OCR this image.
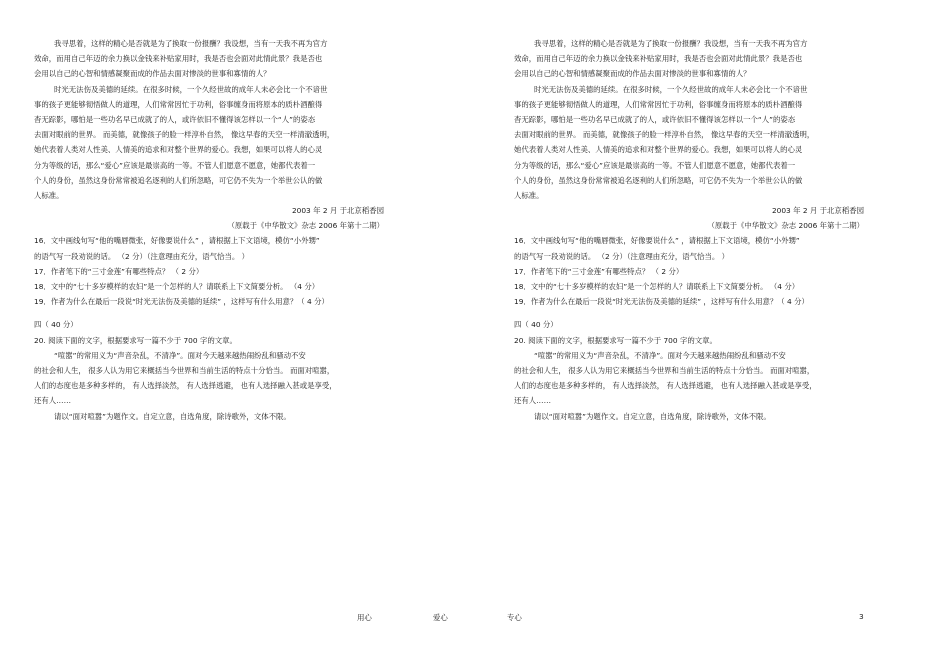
我寻思着，这样的精心是否就是为了换取一份报酬？我设想，当有一天我不再为官方
效命，而用自己年迈的余力换以金钱来补贴家用时，我是否也会面对此情此景？我是否也
会用以自己的心智和情感凝聚而成的作品去面对惨淡的世事和寡情的人？
时光无法伤及美德的延续。在很多时候，一个久经世故的成年人未必会比一个不谙世
事的孩子更能够彻悟做人的道理，人们常常因忙于功利，俗事缠身而将原本的质朴酒酿得
杳无踪影，哪怕是一些功名早已成就了的人，或许依旧不懂得该怎样以一个“人”的姿态
去面对眼前的世界。 而美德，就像孩子的脸一样淳朴自然， 像这早春的天空一样清澈透明，
她代表着人类对人性美、人情美的追求和对整个世界的爱心。我想，如果可以将人的心灵
分为等级的话，那么“爱心”应该是最崇高的一等。不管人们愿意不愿意，她都代表着一
个人的身份，虽然这身份常常被追名逐利的人们所忽略，可它仍不失为一个举世公认的做
人标准。
2003 年 2 月 于北京稻香园
（原载于《中华散文》杂志 2006 年第十二期）
16．文中画线句写“他的嘴唇微张，好像要说什么” ，请根据上下文语境，模仿“小外甥”
的语气写一段劝说的话。 （2 分）（注意理由充分，语气恰当。 ）
17．作者笔下的“三寸金莲”有哪些特点？ （ 2 分）
18．文中的“七十多岁模样的农妇”是一个怎样的人？请联系上下文简要分析。 （4 分）
19．作者为什么在最后一段说“时光无法伤及美德的延续” ，这样写有什么用意？（ 4 分）
四（ 40 分）
20. 阅读下面的文字，根据要求写一篇不少于 700 字的文章。
“喧嚣”的常用义为“声音杂乱，不清净”。面对今天越来越热闹纷乱和骚动不安
的社会和人生， 很多人认为用它来概括当今世界和当前生活的特点十分恰当。 而面对喧嚣，
人们的态度也是多种多样的， 有人选择淡然， 有人选择逃避， 也有人选择融入甚或是享受，
还有人……
请以“面对喧嚣”为题作文。自定立意，自选角度，除诗歌外，文体不限。
我寻思着，这样的精心是否就是为了换取一份报酬？我设想，当有一天我不再为官方
效命，而用自己年迈的余力换以金钱来补贴家用时，我是否也会面对此情此景？我是否也
会用以自己的心智和情感凝聚而成的作品去面对惨淡的世事和寡情的人？
时光无法伤及美德的延续。在很多时候，一个久经世故的成年人未必会比一个不谙世
事的孩子更能够彻悟做人的道理，人们常常因忙于功利，俗事缠身而将原本的质朴酒酿得
杳无踪影，哪怕是一些功名早已成就了的人，或许依旧不懂得该怎样以一个“人”的姿态
去面对眼前的世界。 而美德，就像孩子的脸一样淳朴自然， 像这早春的天空一样清澈透明，
她代表着人类对人性美、人情美的追求和对整个世界的爱心。我想，如果可以将人的心灵
分为等级的话，那么“爱心”应该是最崇高的一等。不管人们愿意不愿意，她都代表着一
个人的身份，虽然这身份常常被追名逐利的人们所忽略，可它仍不失为一个举世公认的做
人标准。
2003 年 2 月 于北京稻香园
（原载于《中华散文》杂志 2006 年第十二期）
16．文中画线句写“他的嘴唇微张，好像要说什么” ，请根据上下文语境，模仿“小外甥”
的语气写一段劝说的话。 （2 分）（注意理由充分，语气恰当。 ）
17．作者笔下的“三寸金莲”有哪些特点？ （ 2 分）
18．文中的“七十多岁模样的农妇”是一个怎样的人？请联系上下文简要分析。 （4 分）
19．作者为什么在最后一段说“时光无法伤及美德的延续” ，这样写有什么用意？（ 4 分）
四（ 40 分）
20. 阅读下面的文字，根据要求写一篇不少于 700 字的文章。
“喧嚣”的常用义为“声音杂乱，不清净”。面对今天越来越热闹纷乱和骚动不安
的社会和人生， 很多人认为用它来概括当今世界和当前生活的特点十分恰当。 而面对喧嚣，
人们的态度也是多种多样的， 有人选择淡然， 有人选择逃避， 也有人选择融入甚或是享受，
还有人……
请以“面对喧嚣”为题作文。自定立意，自选角度，除诗歌外，文体不限。
用心	爱心	专心	3
